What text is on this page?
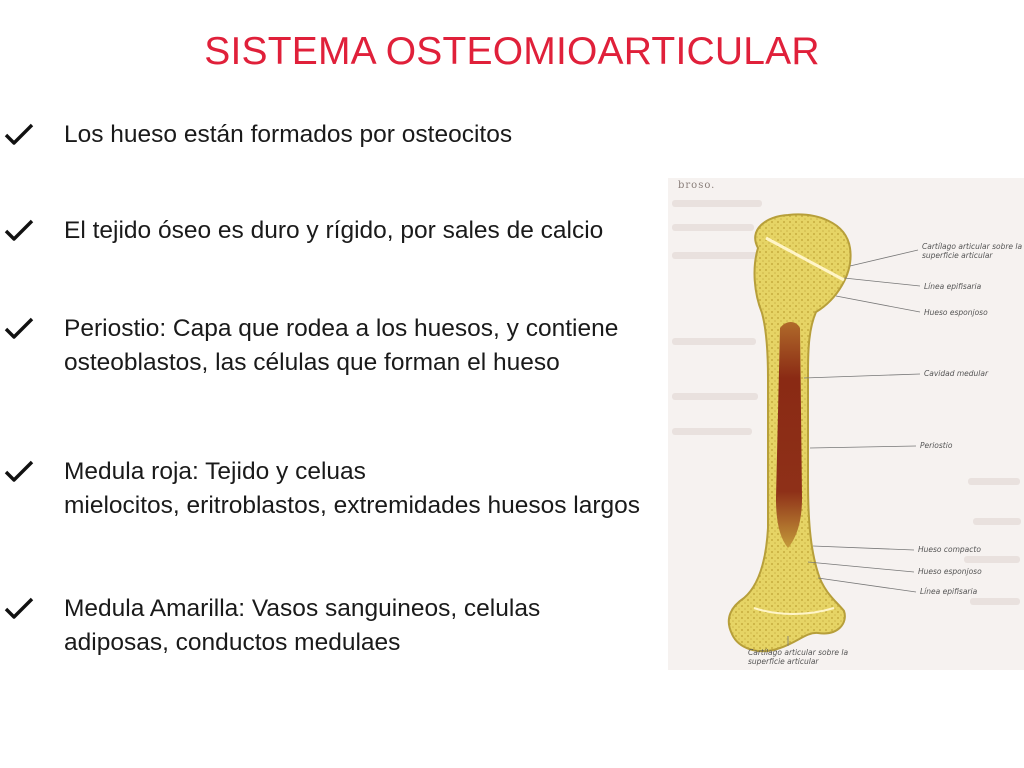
SISTEMA OSTEOMIOARTICULAR
broso.
Cartílago articular sobre la superficie articular
Línea epifisaria
Hueso esponjoso
Cavidad medular
Periostio
Hueso compacto
Hueso esponjoso
Línea epifisaria
Cartílago articular sobre la superficie articular
Los hueso están formados por osteocitos
El tejido óseo es duro y rígido, por sales de calcio
Periostio: Capa que rodea a los huesos, y contiene
osteoblastos, las células que forman el hueso
Medula roja: Tejido y celuas
mielocitos, eritroblastos, extremidades huesos largos
Medula Amarilla: Vasos sanguineos, celulas
adiposas, conductos medulaes
